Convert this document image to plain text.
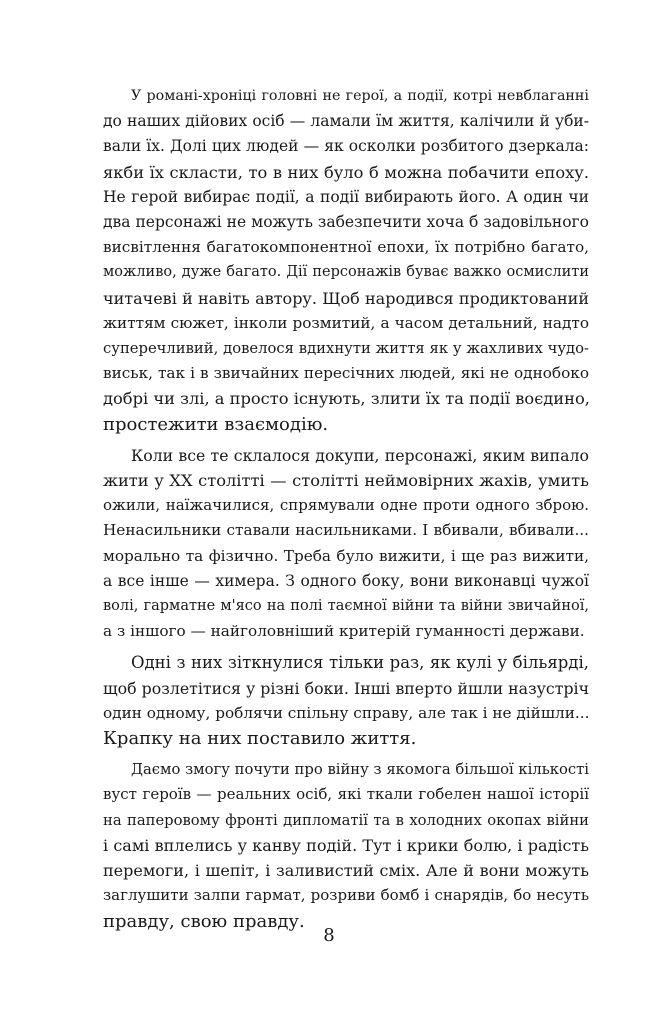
У романі-хроніці головні не герої, а події, котрі невблаганні
до наших дійових осіб — ламали їм життя, калічили й уби-
вали їх. Долі цих людей — як осколки розбитого дзеркала:
якби їх скласти, то в них було б можна побачити епоху.
Не герой вибирає події, а події вибирають його. А один чи
два персонажі не можуть забезпечити хоча б задовільного
висвітлення багатокомпонентної епохи, їх потрібно багато,
можливо, дуже багато. Дії персонажів буває важко осмислити
читачеві й навіть автору. Щоб народився продиктований
життям сюжет, інколи розмитий, а часом детальний, надто
суперечливий, довелося вдихнути життя як у жахливих чудо-
виськ, так і в звичайних пересічних людей, які не однобоко
добрі чи злі, а просто існують, злити їх та події воєдино,
простежити взаємодію.
Коли все те склалося докупи, персонажі, яким випало
жити у XX столітті — столітті неймовірних жахів, умить
ожили, наїжачилися, спрямували одне проти одного зброю.
Ненасильники ставали насильниками. І вбивали, вбивали...
морально та фізично. Треба було вижити, і ще раз вижити,
а все інше — химера. З одного боку, вони виконавці чужої
волі, гарматне м'ясо на полі таємної війни та війни звичайної,
а з іншого — найголовніший критерій гуманності держави.
Одні з них зіткнулися тільки раз, як кулі у більярді,
щоб розлетітися у різні боки. Інші вперто йшли назустріч
один одному, роблячи спільну справу, але так і не дійшли...
Крапку на них поставило життя.
Даємо змогу почути про війну з якомога більшої кількості
вуст героїв — реальних осіб, які ткали гобелен нашої історії
на паперовому фронті дипломатії та в холодних окопах війни
і самі вплелись у канву подій. Тут і крики болю, і радість
перемоги, і шепіт, і заливистий сміх. Але й вони можуть
заглушити залпи гармат, розриви бомб і снарядів, бо несуть
правду, свою правду.
8
